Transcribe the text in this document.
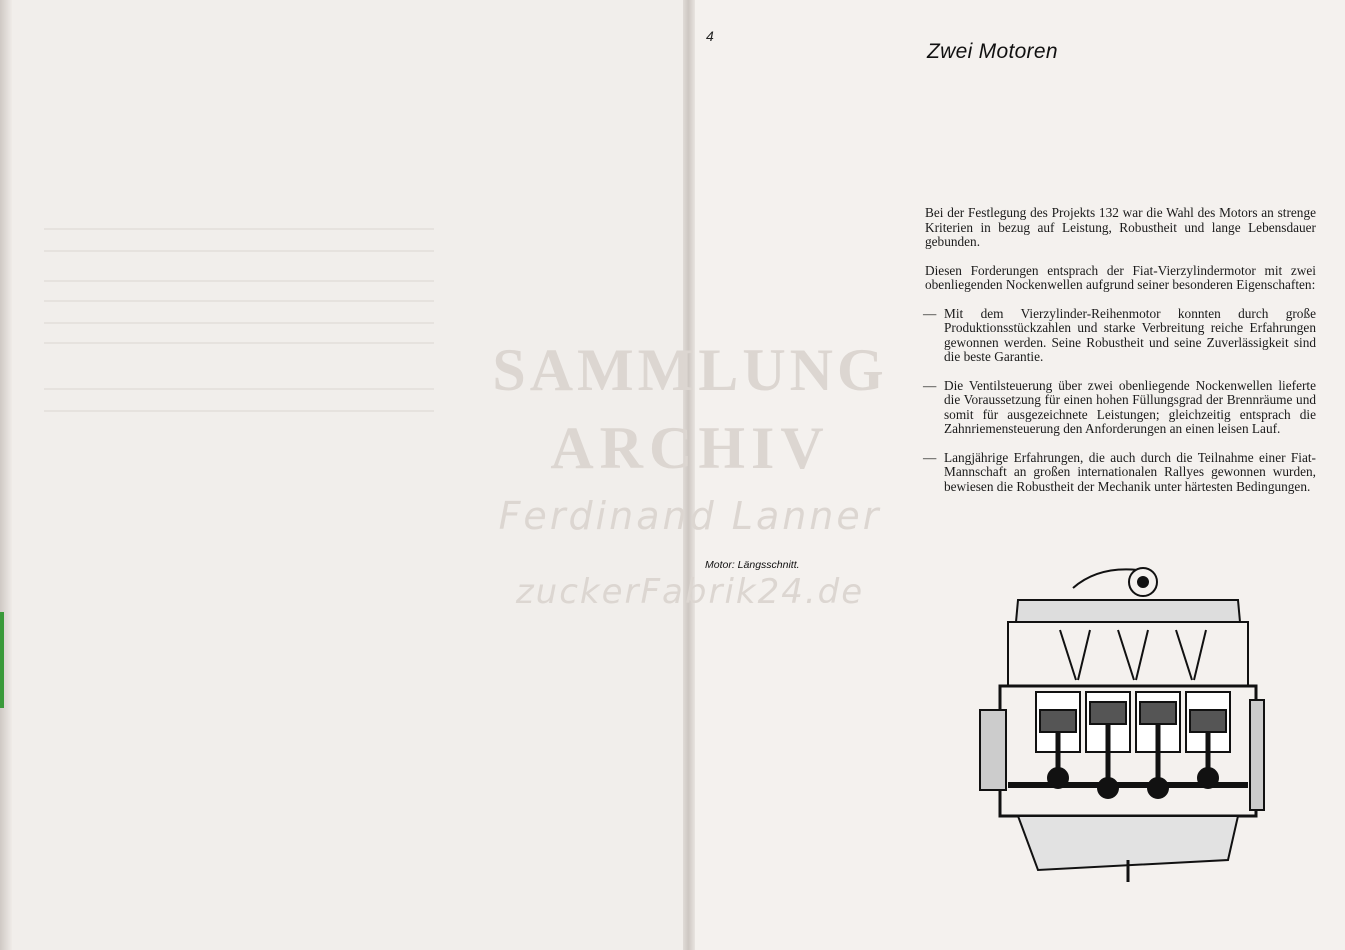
4
Zwei Motoren

Bei der Festlegung des Projekts 132 war die Wahl des Motors an strenge Kriterien in bezug auf Leistung, Robustheit und lange Lebensdauer gebunden.

Diesen Forderungen entsprach der Fiat-Vierzylindermotor mit zwei obenliegenden Nockenwellen aufgrund seiner besonderen Eigenschaften:

— Mit dem Vierzylinder-Reihenmotor konnten durch große Produktionsstückzahlen und starke Verbreitung reiche Erfahrungen gewonnen werden. Seine Robustheit und seine Zuverlässigkeit sind die beste Garantie.
— Die Ventilsteuerung über zwei obenliegende Nockenwellen lieferte die Voraussetzung für einen hohen Füllungsgrad der Brennräume und somit für ausgezeichnete Leistungen; gleichzeitig entsprach die Zahnriemensteuerung den Anforderungen an einen leisen Lauf.
— Langjährige Erfahrungen, die auch durch die Teilnahme einer Fiat-Mannschaft an großen internationalen Rallyes gewonnen wurden, bewiesen die Robustheit der Mechanik unter härtesten Bedingungen.
Motor: Längsschnitt.
SAMMLUNG
ARCHIV
Ferdinand Lanner
zuckerFabrik24.de
